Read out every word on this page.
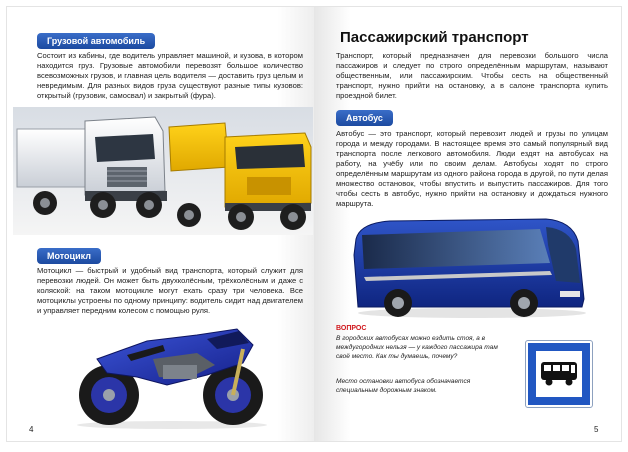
Грузовой автомобиль
Состоит из кабины, где водитель управляет машиной, и кузова, в котором находится груз. Грузовые автомобили перевозят большое количество всевозможных грузов, и главная цель водителя — доставить груз целым и невредимым. Для разных видов груза существуют разные типы кузовов: открытый (грузовик, самосвал) и закрытый (фура).
Мотоцикл
Мотоцикл — быстрый и удобный вид транспорта, который служит для перевозки людей. Он может быть двухколёсным, трёхколёсным и даже с коляской: на таком мотоцикле могут ехать сразу три человека. Все мотоциклы устроены по одному принципу: водитель сидит над двигателем и управляет передним колесом с помощью руля.
4
Пассажирский транспорт
Транспорт, который предназначен для перевозки большого числа пассажиров и следует по строго определённым маршрутам, называют общественным, или пассажирским. Чтобы сесть на общественный транспорт, нужно прийти на остановку, а в салоне транспорта купить проездной билет.
Автобус
Автобус — это транспорт, который перевозит людей и грузы по улицам города и между городами. В настоящее время это самый популярный вид транспорта после легкового автомобиля. Люди ездят на автобусах на работу, на учёбу или по своим делам. Автобусы ходят по строго определённым маршрутам из одного района города в другой, по пути делая множество остановок, чтобы впустить и выпустить пассажиров. Для того чтобы сесть в автобус, нужно прийти на остановку и дождаться нужного маршрута.
ВОПРОС
В городских автобусах можно ездить стоя, а в междугородних нельзя — у каждого пассажира там своё место. Как ты думаешь, почему?
Место остановки автобуса обозначается специальным дорожным знаком.
5
